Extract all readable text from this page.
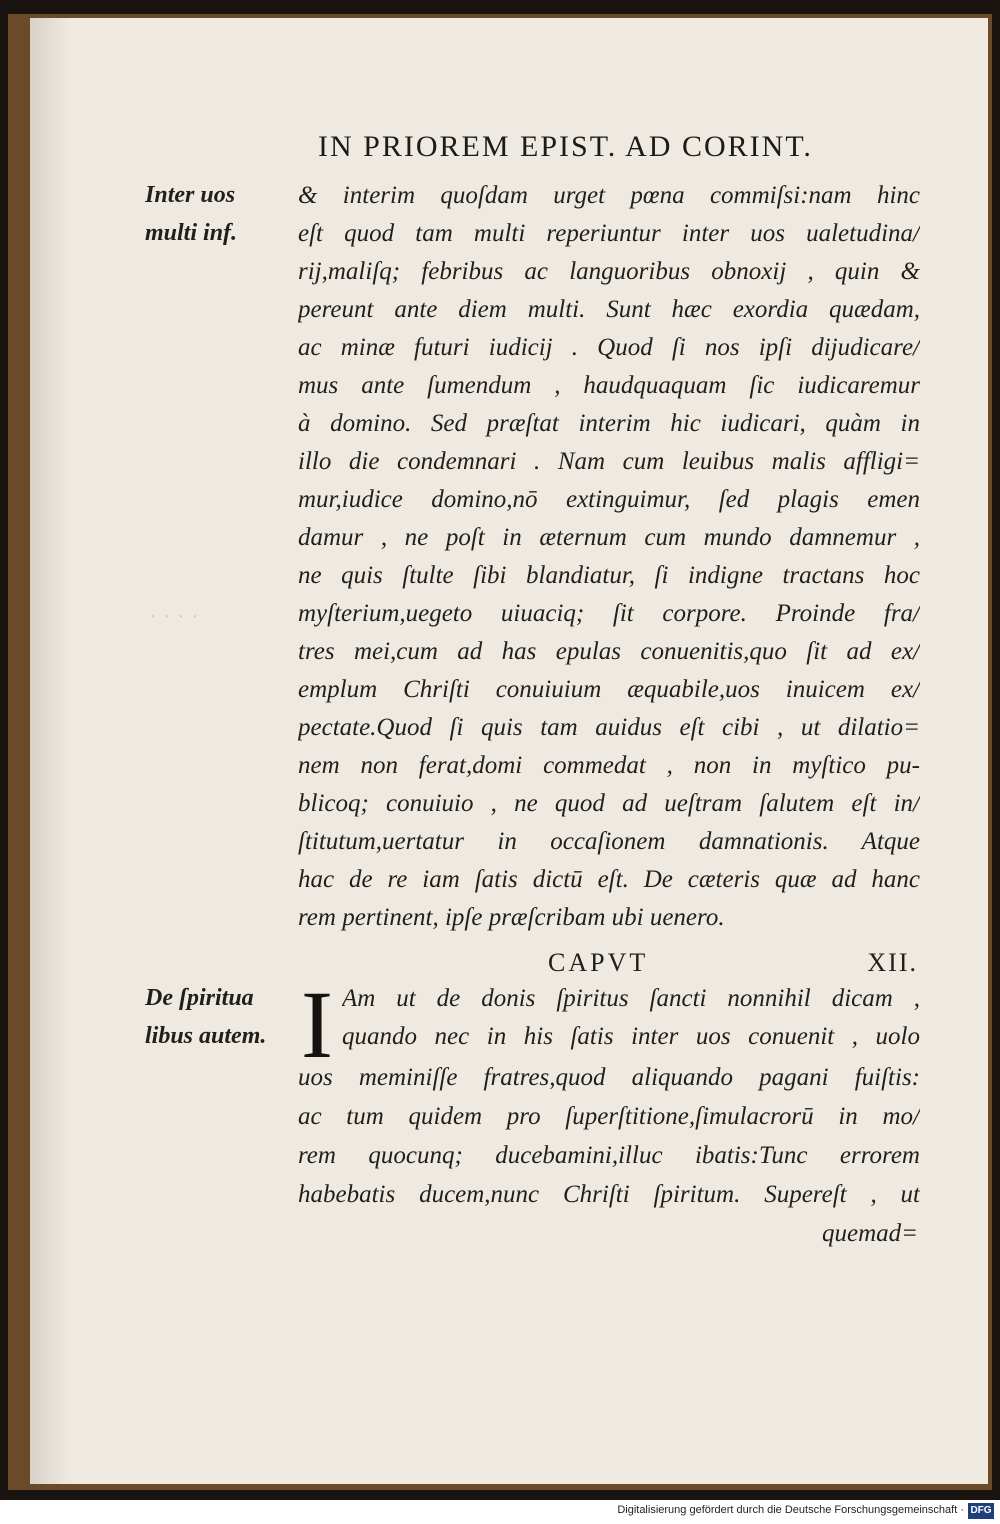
· · · ·
IN PRIOREM EPIST. AD CORINT.
Inter uos
multi inf.
& interim quoſdam urget pœna commiſsi:nam hinc
eſt quod tam multi reperiuntur inter uos ualetudina/
rij,maliſq; febribus ac languoribus obnoxij , quin &
pereunt ante diem multi. Sunt hæc exordia quædam,
ac minæ futuri iudicij . Quod ſi nos ipſi dijudicare/
mus ante ſumendum , haudquaquam ſic iudicaremur
à domino. Sed præſtat interim hic iudicari, quàm in
illo die condemnari . Nam cum leuibus malis affligi=
mur,iudice domino,nō extinguimur, ſed plagis emen
damur , ne poſt in æternum cum mundo damnemur ,
ne quis ſtulte ſibi blandiatur, ſi indigne tractans hoc
myſterium,uegeto uiuaciq; ſit corpore. Proinde fra/
tres mei,cum ad has epulas conuenitis,quo ſit ad ex/
emplum Chriſti conuiuium æquabile,uos inuicem ex/
pectate.Quod ſi quis tam auidus eſt cibi , ut dilatio=
nem non ferat,domi commedat , non in myſtico pu-
blicoq; conuiuio , ne quod ad ueſtram ſalutem eſt in/
ſtitutum,uertatur in occaſionem damnationis. Atque
hac de re iam ſatis dictū eſt. De cæteris quæ ad hanc
rem pertinent, ipſe præſcribam ubi uenero.
CAPVT	XII.
De ſpiritua
libus autem. I Am ut de donis ſpiritus ſancti nonnihil dicam ,
quando nec in his ſatis inter uos conuenit , uolo
uos meminiſſe fratres,quod aliquando pagani fuiſtis:
ac tum quidem pro ſuperſtitione,ſimulacrorū in mo/
rem quocunq; ducebamini,illuc ibatis:Tunc errorem
habebatis ducem,nunc Chriſti ſpiritum. Supereſt , ut
quemad=
Digitalisierung gefördert durch die Deutsche Forschungsgemeinschaft · DFG
